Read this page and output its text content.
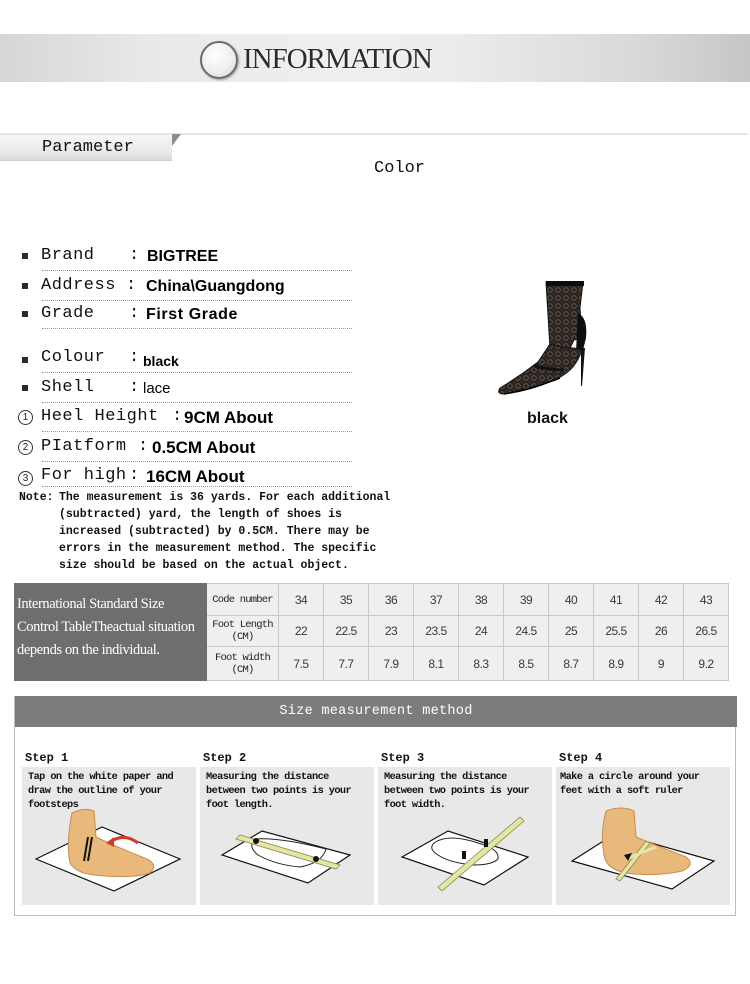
INFORMATION
Parameter
Color
Brand : BIGTREE
Address : China\Guangdong
Grade : First Grade
Colour : black
Shell : lace
1 Heel Height : 9CM About
2 PIatform : 0.5CM About
3 For high : 16CM About
Note: The measurement is 36 yards. For each additional (subtracted) yard, the length of shoes is increased (subtracted) by 0.5CM. There may be errors in the measurement method. The specific size should be based on the actual object.
black
International Standard Size Control TableTheactual situation depends on the individual.	Code number	34	35	36	37	38	39	40	41	42	43
	Foot Length (CM)	22	22.5	23	23.5	24	24.5	25	25.5	26	26.5
	Foot width (CM)	7.5	7.7	7.9	8.1	8.3	8.5	8.7	8.9	9	9.2
Size measurement method
Step 1
Tap on the white paper and draw the outline of your footsteps
Step 2
Measuring the distance between two points is your foot length.
Step 3
Measuring the distance between two points is your foot width.
Step 4
Make a circle around your feet with a soft ruler
